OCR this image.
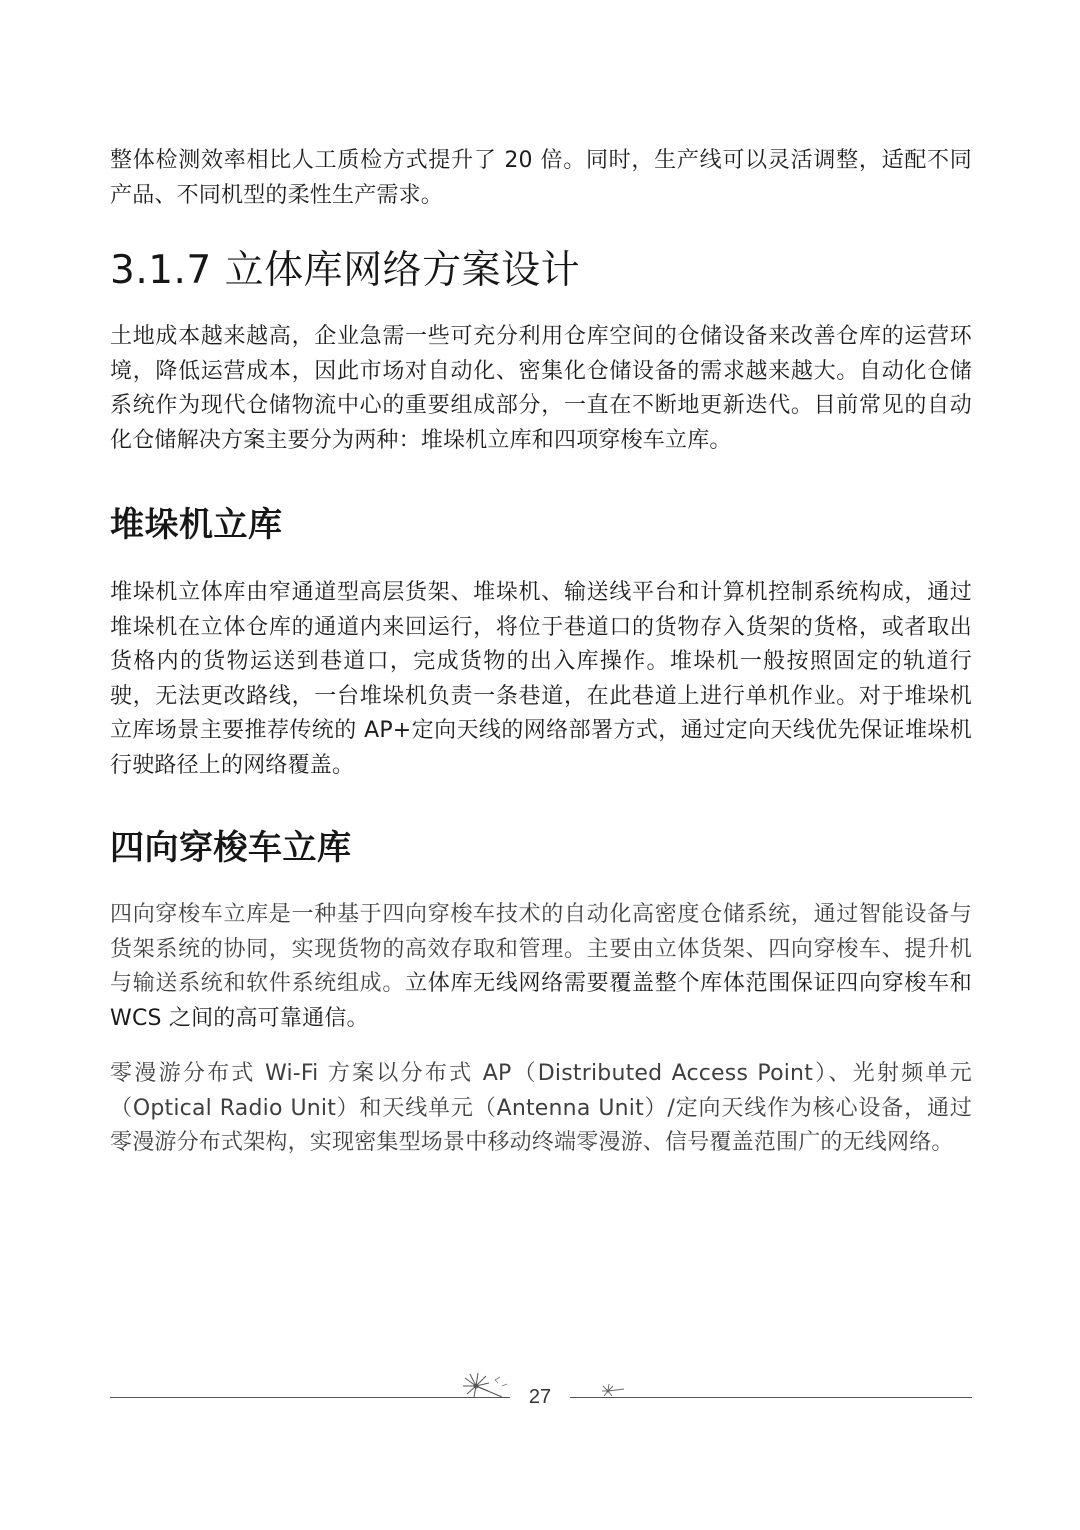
整体检测效率相比人工质检方式提升了 20 倍。同时，生产线可以灵活调整，适配不同产品、不同机型的柔性生产需求。

3.1.7 立体库网络方案设计

土地成本越来越高，企业急需一些可充分利用仓库空间的仓储设备来改善仓库的运营环境，降低运营成本，因此市场对自动化、密集化仓储设备的需求越来越大。自动化仓储系统作为现代仓储物流中心的重要组成部分，一直在不断地更新迭代。目前常见的自动化仓储解决方案主要分为两种：堆垛机立库和四项穿梭车立库。

堆垛机立库

堆垛机立体库由窄通道型高层货架、堆垛机、输送线平台和计算机控制系统构成，通过堆垛机在立体仓库的通道内来回运行，将位于巷道口的货物存入货架的货格，或者取出货格内的货物运送到巷道口，完成货物的出入库操作。堆垛机一般按照固定的轨道行驶，无法更改路线，一台堆垛机负责一条巷道，在此巷道上进行单机作业。对于堆垛机立库场景主要推荐传统的 AP+定向天线的网络部署方式，通过定向天线优先保证堆垛机行驶路径上的网络覆盖。

四向穿梭车立库

四向穿梭车立库是一种基于四向穿梭车技术的自动化高密度仓储系统，通过智能设备与货架系统的协同，实现货物的高效存取和管理。主要由立体货架、四向穿梭车、提升机与输送系统和软件系统组成。立体库无线网络需要覆盖整个库体范围保证四向穿梭车和 WCS 之间的高可靠通信。

零漫游分布式 Wi-Fi 方案以分布式 AP（Distributed Access Point）、光射频单元（Optical Radio Unit）和天线单元（Antenna Unit）/定向天线作为核心设备，通过零漫游分布式架构，实现密集型场景中移动终端零漫游、信号覆盖范围广的无线网络。

27
